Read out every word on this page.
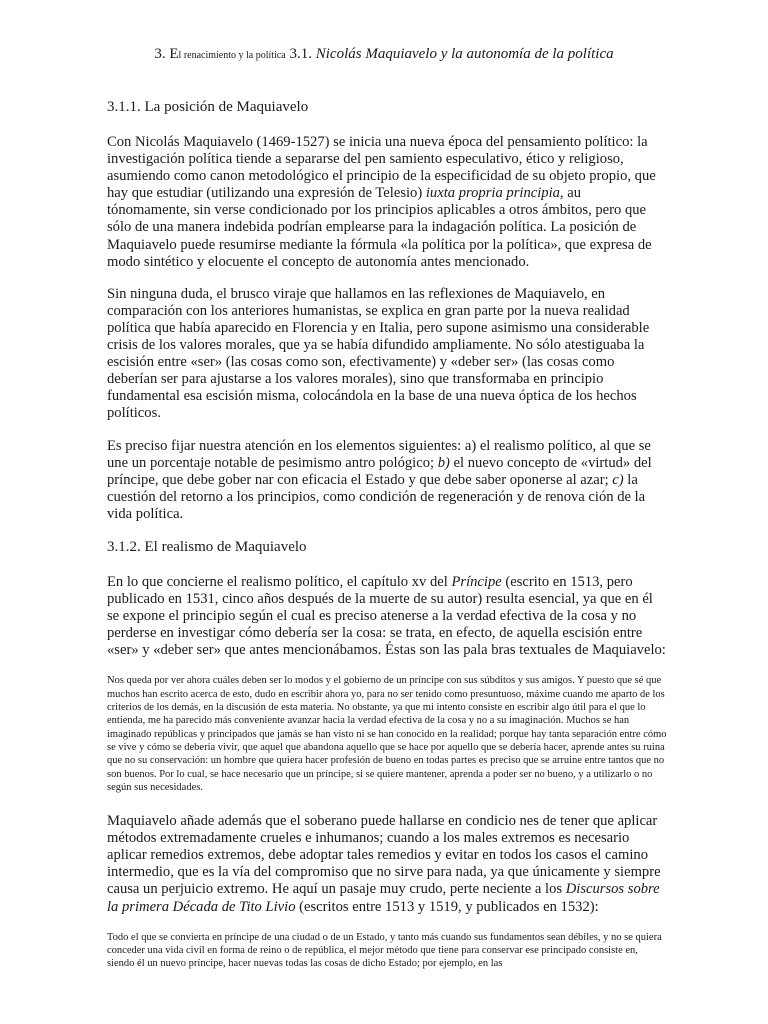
3. El renacimiento y la política 3.1. Nicolás Maquiavelo y la autonomía de la política
3.1.1. La posición de Maquiavelo

Con Nicolás Maquiavelo (1469-1527) se inicia una nueva época del pensamiento político: la investigación política tiende a separarse del pen samiento especulativo, ético y religioso, asumiendo como canon metodológico el principio de la especificidad de su objeto propio, que hay que estudiar (utilizando una expresión de Telesio) iuxta propria principia, au tónomamente, sin verse condicionado por los principios aplicables a otros ámbitos, pero que sólo de una manera indebida podrían emplearse para la indagación política. La posición de Maquiavelo puede resumirse mediante la fórmula «la política por la política», que expresa de modo sintético y elocuente el concepto de autonomía antes mencionado.

Sin ninguna duda, el brusco viraje que hallamos en las reflexiones de Maquiavelo, en comparación con los anteriores humanistas, se explica en gran parte por la nueva realidad política que había aparecido en Florencia y en Italia, pero supone asimismo una considerable crisis de los valores morales, que ya se había difundido ampliamente. No sólo atestiguaba la escisión entre «ser» (las cosas como son, efectivamente) y «deber ser» (las cosas como deberían ser para ajustarse a los valores morales), sino que transformaba en principio fundamental esa escisión misma, colocándola en la base de una nueva óptica de los hechos políticos.

Es preciso fijar nuestra atención en los elementos siguientes: a) el realismo político, al que se une un porcentaje notable de pesimismo antro pológico; b) el nuevo concepto de «virtud» del príncipe, que debe gober nar con eficacia el Estado y que debe saber oponerse al azar; c) la cuestión del retorno a los principios, como condición de regeneración y de renova ción de la vida política.

3.1.2. El realismo de Maquiavelo

En lo que concierne el realismo político, el capítulo xv del Príncipe (escrito en 1513, pero publicado en 1531, cinco años después de la muerte de su autor) resulta esencial, ya que en él se expone el principio según el cual es preciso atenerse a la verdad efectiva de la cosa y no perderse en investigar cómo debería ser la cosa: se trata, en efecto, de aquella escisión entre «ser» y «deber ser» que antes mencionábamos. Éstas son las pala bras textuales de Maquiavelo:

Nos queda por ver ahora cuáles deben ser lo modos y el gobierno de un príncipe con sus súbditos y sus amigos. Y puesto que sé que muchos han escrito acerca de esto, dudo en escribir ahora yo, para no ser tenido como presuntuoso, máxime cuando me aparto de los criterios de los demás, en la discusión de esta materia. No obstante, ya que mi intento consiste en escribir algo útil para el que lo entienda, me ha parecido más conveniente avanzar hacia la verdad efectiva de la cosa y no a su imaginación. Muchos se han imaginado repúblicas y principados que jamás se han visto ni se han conocido en la realidad; porque hay tanta separación entre cómo se vive y cómo se debería vivir, que aquel que abandona aquello que se hace por aquello que se debería hacer, aprende antes su ruina que no su conservación: un hombre que quiera hacer profesión de bueno en todas partes es preciso que se arruine entre tantos que no son buenos. Por lo cual, se hace necesario que un príncipe, si se quiere mantener, aprenda a poder ser no bueno, y a utilizarlo o no según sus necesidades.

Maquiavelo añade además que el soberano puede hallarse en condicio nes de tener que aplicar métodos extremadamente crueles e inhumanos; cuando a los males extremos es necesario aplicar remedios extremos, debe adoptar tales remedios y evitar en todos los casos el camino intermedio, que es la vía del compromiso que no sirve para nada, ya que únicamente y siempre causa un perjuicio extremo. He aquí un pasaje muy crudo, perte neciente a los Discursos sobre la primera Década de Tito Livio (escritos entre 1513 y 1519, y publicados en 1532):

Todo el que se convierta en príncipe de una ciudad o de un Estado, y tanto más cuando sus fundamentos sean débiles, y no se quiera conceder una vida civil en forma de reino o de república, el mejor método que tiene para conservar ese principado consiste en, siendo él un nuevo príncipe, hacer nuevas todas las cosas de dicho Estado; por ejemplo, en las
